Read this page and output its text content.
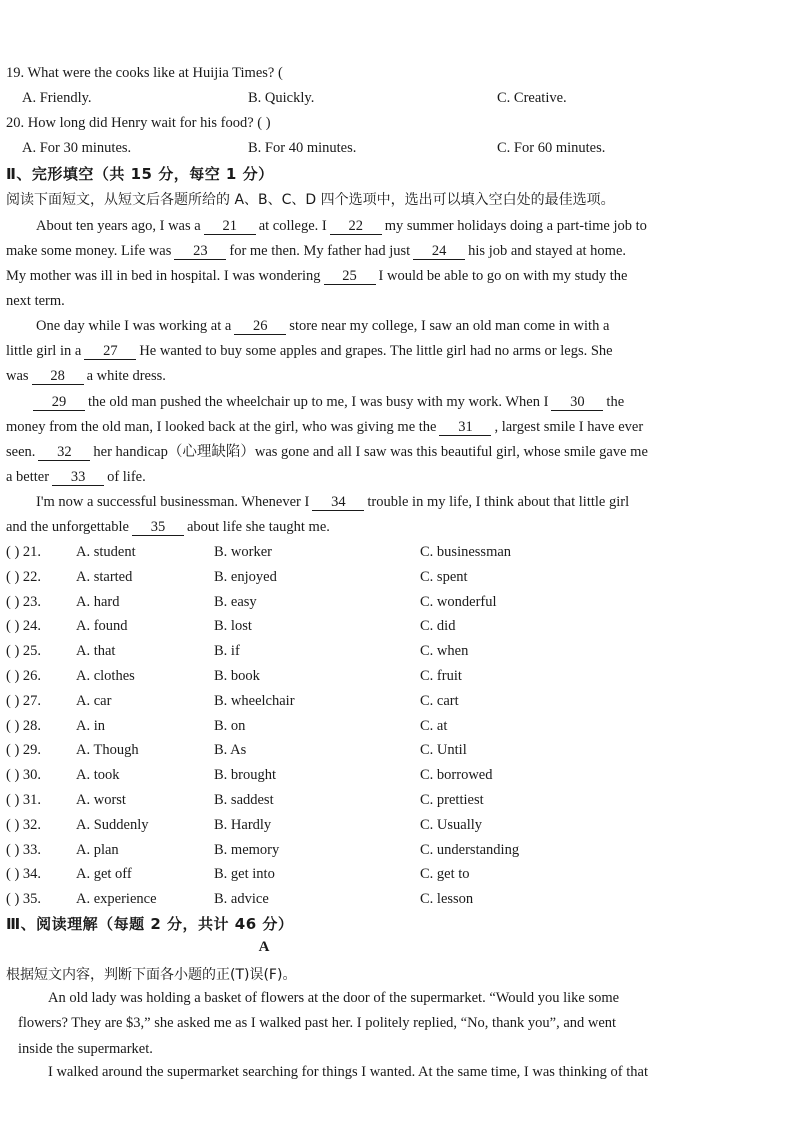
19. What were the cooks like at Huijia Times? (
A. Friendly.	B. Quickly.	C. Creative.
20. How long did Henry wait for his food? ( )
A. For 30 minutes.	B. For 40 minutes.	C. For 60 minutes.
Ⅱ、完形填空（共 15 分，每空 1 分）
阅读下面短文，从短文后各题所给的 A、B、C、D 四个选项中，选出可以填入空白处的最佳选项。
About ten years ago, I was a 21 at college. I 22 my summer holidays doing a part-time job to
make some money. Life was 23 for me then. My father had just 24 his job and stayed at home.
My mother was ill in bed in hospital. I was wondering 25 I would be able to go on with my study the
next term.
One day while I was working at a 26 store near my college, I saw an old man come in with a
little girl in a 27 He wanted to buy some apples and grapes. The little girl had no arms or legs. She
was 28 a white dress.
29 the old man pushed the wheelchair up to me, I was busy with my work. When I 30 the
money from the old man, I looked back at the girl, who was giving me the 31 , largest smile I have ever
seen. 32 her handicap（心理缺陷）was gone and all I saw was this beautiful girl, whose smile gave me
a better 33 of life.
I'm now a successful businessman. Whenever I 34 trouble in my life, I think about that little girl
and the unforgettable 35 about life she taught me.
( ) 21. A. student	B. worker	C. businessman
( ) 22. A. started	B. enjoyed	C. spent
( ) 23. A. hard	B. easy	C. wonderful
( ) 24. A. found	B. lost	C. did
( ) 25. A. that	B. if	C. when
( ) 26. A. clothes	B. book	C. fruit
( ) 27. A. car	B. wheelchair	C. cart
( ) 28. A. in	B. on	C. at
( ) 29. A. Though	B. As	C. Until
( ) 30. A. took	B. brought	C. borrowed
( ) 31. A. worst	B. saddest	C. prettiest
( ) 32. A. Suddenly	B. Hardly	C. Usually
( ) 33. A. plan	B. memory	C. understanding
( ) 34. A. get off	B. get into	C. get to
( ) 35. A. experience	B. advice	C. lesson
Ⅲ、阅读理解（每题 2 分，共计 46 分）
A
根据短文内容，判断下面各小题的正(T)误(F)。
An old lady was holding a basket of flowers at the door of the supermarket. “Would you like some
flowers? They are $3,” she asked me as I walked past her. I politely replied, “No, thank you”, and went
inside the supermarket.
I walked around the supermarket searching for things I wanted. At the same time, I was thinking of that
